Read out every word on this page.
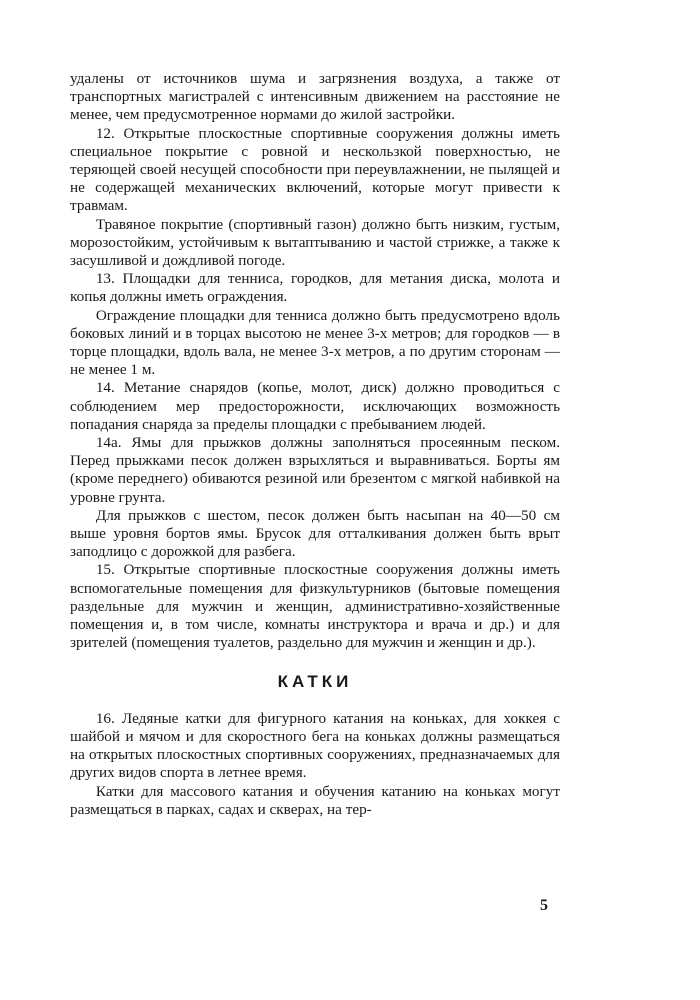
удалены от источников шума и загрязнения воздуха, а также от транспортных магистралей с интенсивным движением на расстояние не менее, чем предусмотренное нормами до жилой застройки.

12. Открытые плоскостные спортивные сооружения должны иметь специальное покрытие с ровной и нескользкой поверхностью, не теряющей своей несущей способности при переувлажнении, не пылящей и не содержащей механических включений, которые могут привести к травмам.

Травяное покрытие (спортивный газон) должно быть низким, густым, морозостойким, устойчивым к вытаптыванию и частой стрижке, а также к засушливой и дождливой погоде.

13. Площадки для тенниса, городков, для метания диска, молота и копья должны иметь ограждения.

Ограждение площадки для тенниса должно быть предусмотрено вдоль боковых линий и в торцах высотою не менее 3-х метров; для городков — в торце площадки, вдоль вала, не менее 3-х метров, а по другим сторонам — не менее 1 м.

14. Метание снарядов (копье, молот, диск) должно проводиться с соблюдением мер предосторожности, исключающих возможность попадания снаряда за пределы площадки с пребыванием людей.

14а. Ямы для прыжков должны заполняться просеянным песком. Перед прыжками песок должен взрыхляться и выравниваться. Борты ям (кроме переднего) обиваются резиной или брезентом с мягкой набивкой на уровне грунта.

Для прыжков с шестом, песок должен быть насыпан на 40—50 см выше уровня бортов ямы. Брусок для отталкивания должен быть врыт заподлицо с дорожкой для разбега.

15. Открытые спортивные плоскостные сооружения должны иметь вспомогательные помещения для физкультурников (бытовые помещения раздельные для мужчин и женщин, административно-хозяйственные помещения и, в том числе, комнаты инструктора и врача и др.) и для зрителей (помещения туалетов, раздельно для мужчин и женщин и др.).

КАТКИ

16. Ледяные катки для фигурного катания на коньках, для хоккея с шайбой и мячом и для скоростного бега на коньках должны размещаться на открытых плоскостных спортивных сооружениях, предназначаемых для других видов спорта в летнее время.

Катки для массового катания и обучения катанию на коньках могут размещаться в парках, садах и скверах, на тер-

5
